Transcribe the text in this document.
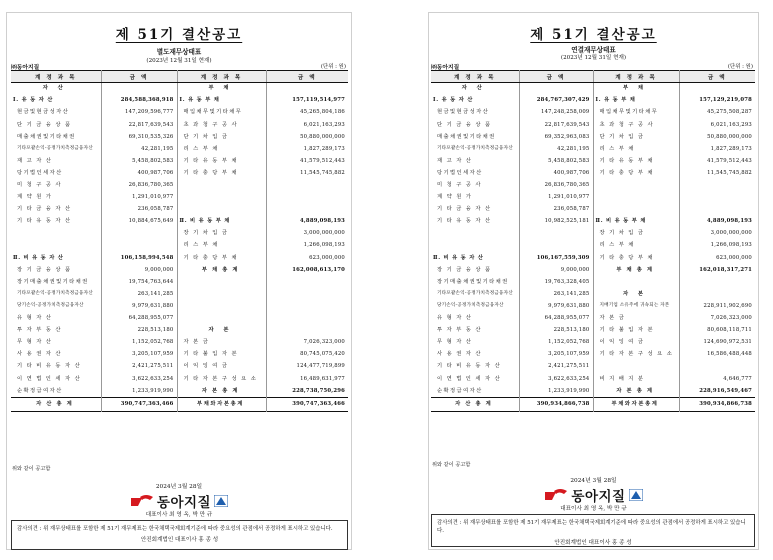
제 51기 결산공고
별도재무상태표
(2023년 12월 31일 현재)
㈜동아지질	(단위 : 원)
계 정 과 목	금 액	계 정 과 목	금 액
자 산		부 채	
Ⅰ. 유 동 자 산	284,588,368,918	Ⅰ. 유 동 부 채	157,119,514,977
현금및현금성자산	147,209,596,777	매입채무및기타채무	45,265,804,186
단 기 금 융 상 품	22,817,639,543	초 과 청 구 공 사	6,021,163,293
매출채권및기타채권	69,310,535,326	단 기 차 입 금	50,880,000,000
기타포괄손익-공정가치측정금융자산	42,281,195	리 스 부 채	1,827,289,173
재 고 자 산	5,458,802,583	기 타 유 동 부 채	41,579,512,443
당기법인세자산	400,987,706	기 타 충 당 부 채	11,545,745,882
미 청 구 공 사	26,836,780,365		
계 약 원 가	1,291,010,977		
기 타 금 융 자 산	236,058,787		
기 타 유 동 자 산	10,884,675,649	Ⅱ. 비 유 동 부 채	4,889,098,193
		장 기 차 입 금	3,000,000,000
		리 스 부 채	1,266,098,193
Ⅱ. 비 유 동 자 산	106,158,994,548	기 타 충 당 부 채	623,000,000
장 기 금 융 상 품	9,000,000	부 채 총 계	162,008,613,170
장기매출채권및기타채권	19,754,763,644		
기타포괄손익-공정가치측정금융자산	263,141,285		
당기손익-공정가치측정금융자산	9,979,631,880		
유 형 자 산	64,288,955,077		
투 자 부 동 산	228,513,180	자 본	
무 형 자 산	1,152,052,768	자 본 금	7,026,323,000
사 용 권 자 산	3,205,107,959	기 타 불 입 자 본	80,745,075,420
기 타 비 유 동 자 산	2,421,275,511	이 익 잉 여 금	124,477,719,899
이 연 법 인 세 자 산	3,622,633,254	기 타 자 본 구 성 요 소	16,489,631,977
순확정급여자산	1,233,919,990	자 본 총 계	228,738,750,296
자 산 총 계	390,747,363,466	부채와자본총계	390,747,363,466
위와 같이 공고함
2024년 3월 28일
동아지질
대표이사 최 영 옥, 박 만 규
감사의견 : 위 재무상태표를 포함한 제 51기 재무제표는 한국채택국제회계기준에 따라 중요성의 관점에서 공정하게 표시하고 있습니다.
안진회계법인 대표이사 홍 종 성
제 51기 결산공고
연결재무상태표
(2023년 12월 31일 현재)
㈜동아지질	(단위 : 원)
계 정 과 목	금 액	계 정 과 목	금 액
자 산		부 채	
Ⅰ. 유 동 자 산	284,767,307,429	Ⅰ. 유 동 부 채	157,129,219,078
현금및현금성자산	147,248,258,009	매입채무및기타채무	45,275,508,287
단 기 금 융 상 품	22,817,639,543	초 과 청 구 공 사	6,021,163,293
매출채권및기타채권	69,352,963,083	단 기 차 입 금	50,880,000,000
기타포괄손익-공정가치측정금융자산	42,281,195	리 스 부 채	1,827,289,173
재 고 자 산	5,458,802,583	기 타 유 동 부 채	41,579,512,443
당기법인세자산	400,987,706	기 타 충 당 부 채	11,545,745,882
미 청 구 공 사	26,836,780,365		
계 약 원 가	1,291,010,977		
기 타 금 융 자 산	236,058,787		
기 타 유 동 자 산	10,982,525,181	Ⅱ. 비 유 동 부 채	4,889,098,193
		장 기 차 입 금	3,000,000,000
		리 스 부 채	1,266,098,193
Ⅱ. 비 유 동 자 산	106,167,559,309	기 타 충 당 부 채	623,000,000
장 기 금 융 상 품	9,000,000	부 채 총 계	162,018,317,271
장기매출채권및기타채권	19,763,328,405		
기타포괄손익-공정가치측정금융자산	263,141,285	자 본	
당기손익-공정가치측정금융자산	9,979,631,880	지배기업 소유주에 귀속되는 자본	228,911,902,690
유 형 자 산	64,288,955,077	자 본 금	7,026,323,000
투 자 부 동 산	228,513,180	기 타 불 입 자 본	80,608,118,711
무 형 자 산	1,152,052,768	이 익 잉 여 금	124,690,972,531
사 용 권 자 산	3,205,107,959	기 타 자 본 구 성 요 소	16,586,488,448
기 타 비 유 동 자 산	2,421,275,511		
이 연 법 인 세 자 산	3,622,633,254	비 지 배 지 분	4,646,777
순확정급여자산	1,233,919,990	자 본 총 계	228,916,549,467
자 산 총 계	390,934,866,738	부채와자본총계	390,934,866,738
위와 같이 공고함
2024년 3월 28일
동아지질
대표이사 최 영 옥, 박 만 규
감사의견 : 위 재무상태표를 포함한 제 51기 재무제표는 한국채택국제회계기준에 따라 중요성의 관점에서 공정하게 표시하고 있습니다.
안진회계법인 대표이사 홍 종 성
